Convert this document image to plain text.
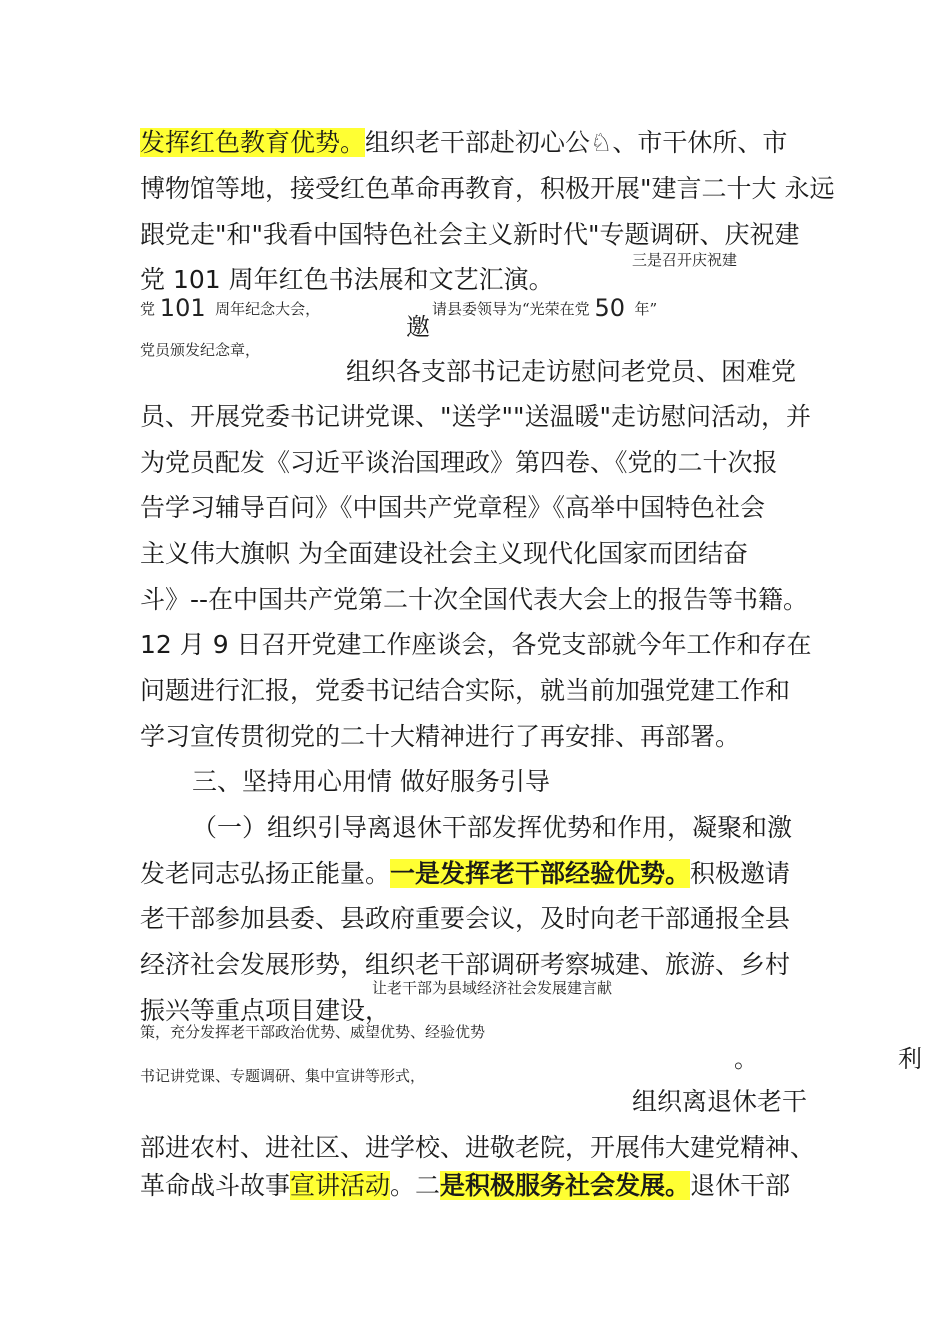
发挥红色教育优势。组织老干部赴初心公♘、市干休所、市
博物馆等地，接受红色革命再教育，积极开展"建言二十大 永远
跟党走"和"我看中国特色社会主义新时代"专题调研、庆祝建
党 101 周年红色书法展和文艺汇演。
三是召开庆祝建
党 101 周年纪念大会，	请县委领导为“光荣在党 50 年”
邀
党员颁发纪念章，
组织各支部书记走访慰问老党员、困难党
员、开展党委书记讲党课、"送学""送温暖"走访慰问活动，并
为党员配发《习近平谈治国理政》第四卷、《党的二十次报
告学习辅导百问》《中国共产党章程》《高举中国特色社会
主义伟大旗帜 为全面建设社会主义现代化国家而团结奋
斗》--在中国共产党第二十次全国代表大会上的报告等书籍。
12 月 9 日召开党建工作座谈会，各党支部就今年工作和存在
问题进行汇报，党委书记结合实际，就当前加强党建工作和
学习宣传贯彻党的二十大精神进行了再安排、再部署。
三、坚持用心用情 做好服务引导
（一）组织引导离退休干部发挥优势和作用，凝聚和激
发老同志弘扬正能量。一是发挥老干部经验优势。积极邀请
老干部参加县委、县政府重要会议，及时向老干部通报全县
经济社会发展形势，组织老干部调研考察城建、旅游、乡村
振兴等重点项目建设，
让老干部为县域经济社会发展建言献
策，充分发挥老干部政治优势、威望优势、经验优势
。	利
书记讲党课、专题调研、集中宣讲等形式，
组织离退休老干
部进农村、进社区、进学校、进敬老院，开展伟大建党精神、
革命战斗故事宣讲活动。二是积极服务社会发展。退休干部
